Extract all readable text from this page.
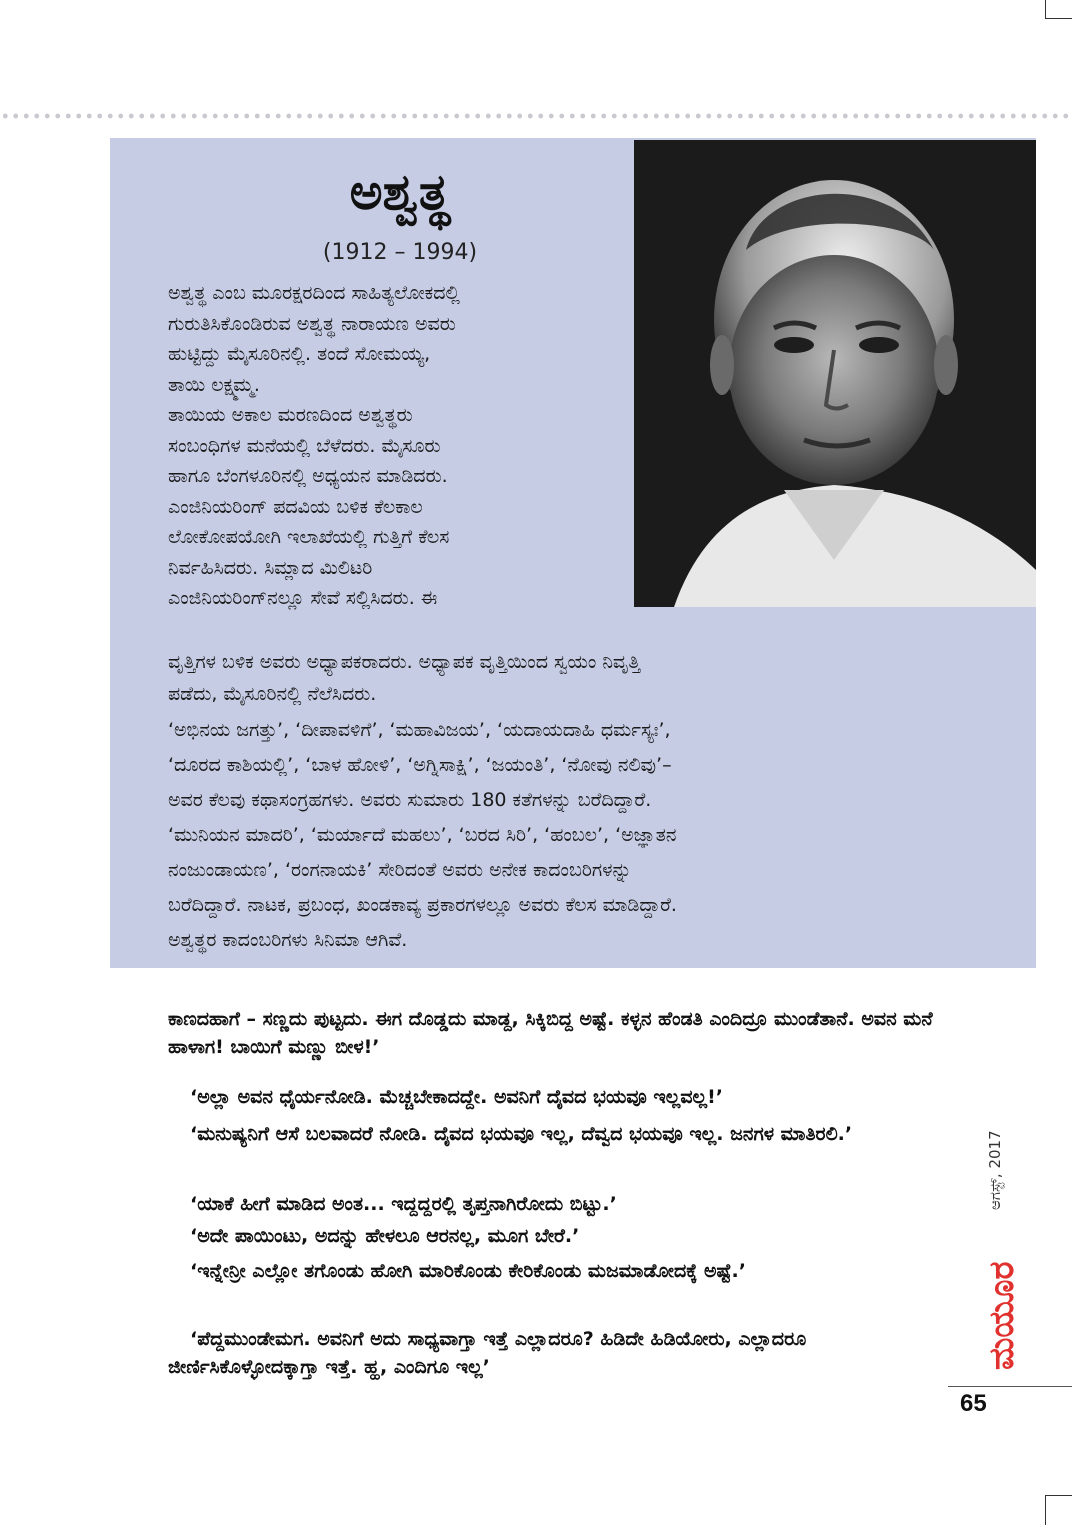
ಅಶ್ವತ್ಥ
(1912 – 1994)
ಅಶ್ವತ್ಥ ಎಂಬ ಮೂರಕ್ಷರದಿಂದ ಸಾಹಿತ್ಯಲೋಕದಲ್ಲಿ
ಗುರುತಿಸಿಕೊಂಡಿರುವ ಅಶ್ವತ್ಥ ನಾರಾಯಣ ಅವರು
ಹುಟ್ಟಿದ್ದು ಮೈಸೂರಿನಲ್ಲಿ. ತಂದೆ ಸೋಮಯ್ಯ,
ತಾಯಿ ಲಕ್ಷ್ಮಮ್ಮ.
ತಾಯಿಯ ಅಕಾಲ ಮರಣದಿಂದ ಅಶ್ವತ್ಥರು
ಸಂಬಂಧಿಗಳ ಮನೆಯಲ್ಲಿ ಬೆಳೆದರು. ಮೈಸೂರು
ಹಾಗೂ ಬೆಂಗಳೂರಿನಲ್ಲಿ ಅಧ್ಯಯನ ಮಾಡಿದರು.
ಎಂಜಿನಿಯರಿಂಗ್ ಪದವಿಯ ಬಳಿಕ ಕೆಲಕಾಲ
ಲೋಕೋಪಯೋಗಿ ಇಲಾಖೆಯಲ್ಲಿ ಗುತ್ತಿಗೆ ಕೆಲಸ
ನಿರ್ವಹಿಸಿದರು. ಸಿಮ್ಲಾದ ಮಿಲಿಟರಿ
ಎಂಜಿನಿಯರಿಂಗ್‌ನಲ್ಲೂ ಸೇವೆ ಸಲ್ಲಿಸಿದರು. ಈ
ವೃತ್ತಿಗಳ ಬಳಿಕ ಅವರು ಅಧ್ಯಾಪಕರಾದರು. ಅಧ್ಯಾಪಕ ವೃತ್ತಿಯಿಂದ ಸ್ವಯಂ ನಿವೃತ್ತಿ
ಪಡೆದು, ಮೈಸೂರಿನಲ್ಲಿ ನೆಲೆಸಿದರು.
‘ಅಭಿನಯ ಜಗತ್ತು’, ‘ದೀಪಾವಳಿಗೆ’, ‘ಮಹಾವಿಜಯ’, ‘ಯದಾಯದಾಹಿ ಧರ್ಮಸ್ಯಃ’,
‘ದೂರದ ಕಾಶಿಯಲ್ಲಿ’, ‘ಬಾಳ ಹೋಳಿ’, ‘ಅಗ್ನಿಸಾಕ್ಷಿ’, ‘ಜಯಂತಿ’, ‘ನೋವು ನಲಿವು’–
ಅವರ ಕೆಲವು ಕಥಾಸಂಗ್ರಹಗಳು. ಅವರು ಸುಮಾರು 180 ಕತೆಗಳನ್ನು ಬರೆದಿದ್ದಾರೆ.
‘ಮುನಿಯನ ಮಾದರಿ’, ‘ಮರ್ಯಾದೆ ಮಹಲು’, ‘ಬರದ ಸಿರಿ’, ‘ಹಂಬಲ’, ‘ಅಜ್ಞಾತನ
ನಂಜುಂಡಾಯಣ’, ‘ರಂಗನಾಯಕಿ’ ಸೇರಿದಂತೆ ಅವರು ಅನೇಕ ಕಾದಂಬರಿಗಳನ್ನು
ಬರೆದಿದ್ದಾರೆ. ನಾಟಕ, ಪ್ರಬಂಧ, ಖಂಡಕಾವ್ಯ ಪ್ರಕಾರಗಳಲ್ಲೂ ಅವರು ಕೆಲಸ ಮಾಡಿದ್ದಾರೆ.
ಅಶ್ವತ್ಥರ ಕಾದಂಬರಿಗಳು ಸಿನಿಮಾ ಆಗಿವೆ.

ಕಾಣದಹಾಗೆ – ಸಣ್ಣದು ಪುಟ್ಟದು. ಈಗ ದೊಡ್ಡದು ಮಾಡ್ದ, ಸಿಕ್ಕಿಬಿದ್ದ ಅಷ್ಟೆ. ಕಳ್ಳನ ಹೆಂಡತಿ ಎಂದಿದ್ರೂ ಮುಂಡೆತಾನೆ. ಅವನ ಮನೆ ಹಾಳಾಗ! ಬಾಯಿಗೆ ಮಣ್ಣು ಬೀಳ!’

‘ಅಲ್ಲಾ ಅವನ ಧೈರ್ಯನೋಡಿ. ಮೆಚ್ಚಬೇಕಾದದ್ದೇ. ಅವನಿಗೆ ದೈವದ ಭಯವೂ ಇಲ್ಲವಲ್ಲ!’

‘ಮನುಷ್ಯನಿಗೆ ಆಸೆ ಬಲವಾದರೆ ನೋಡಿ. ದೈವದ ಭಯವೂ ಇಲ್ಲ, ದೆವ್ವದ ಭಯವೂ ಇಲ್ಲ. ಜನಗಳ ಮಾತಿರಲಿ.’

‘ಯಾಕೆ ಹೀಗೆ ಮಾಡಿದ ಅಂತ... ಇದ್ದದ್ದರಲ್ಲಿ ತೃಪ್ತನಾಗಿರೋದು ಬಿಟ್ಟು.’

‘ಅದೇ ಪಾಯಿಂಟು, ಅದನ್ನು ಹೇಳಲೂ ಆರನಲ್ಲ, ಮೂಗ ಬೇರೆ.’

‘ಇನ್ನೇನ್ರೀ ಎಲ್ಲೋ ತಗೊಂಡು ಹೋಗಿ ಮಾರಿಕೊಂಡು ಕೇರಿಕೊಂಡು ಮಜಮಾಡೋದಕ್ಕೆ ಅಷ್ಟೆ.’

‘ಪೆದ್ದಮುಂಡೇಮಗ. ಅವನಿಗೆ ಅದು ಸಾಧ್ಯವಾಗ್ತಾ ಇತ್ತೆ ಎಲ್ಲಾದರೂ? ಹಿಡಿದೇ ಹಿಡಿಯೋರು, ಎಲ್ಲಾದರೂ ಜೀರ್ಣಿಸಿಕೊಳ್ಳೋದಕ್ಕಾಗ್ತಾ ಇತ್ತೆ. ಹ್ಹ, ಎಂದಿಗೂ ಇಲ್ಲ’	ಮಯೂರ
ಆಗಸ್ಟ್, 2017
65
